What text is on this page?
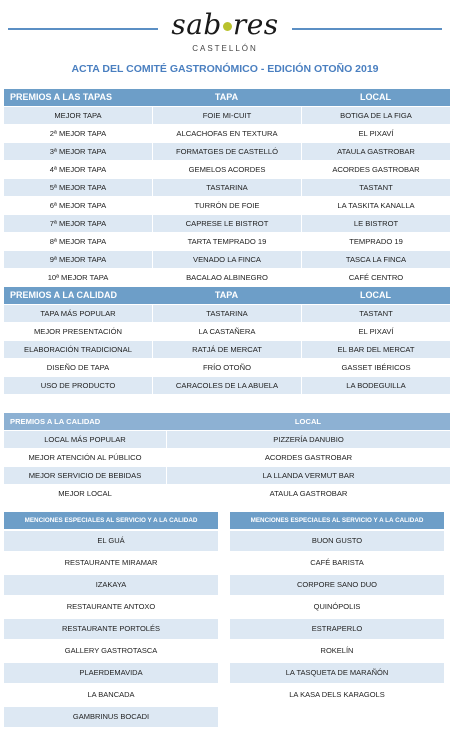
sab res
CASTELLÓN
ACTA DEL COMITÉ GASTRONÓMICO - EDICIÓN OTOÑO 2019
PREMIOS A LAS TAPAS	TAPA	LOCAL
MEJOR TAPA	FOIE MI-CUIT	BOTIGA DE LA FIGA
2ª MEJOR TAPA	ALCACHOFAS EN TEXTURA	EL PIXAVÍ
3ª MEJOR TAPA	FORMATGES DE CASTELLÓ	ATAULA GASTROBAR
4ª MEJOR TAPA	GEMELOS ACORDES	ACORDES GASTROBAR
5ª MEJOR TAPA	TASTARINA	TASTANT
6ª MEJOR TAPA	TURRÓN DE FOIE	LA TASKITA KANALLA
7ª MEJOR TAPA	CAPRESE LE BISTROT	LE BISTROT
8ª MEJOR TAPA	TARTA TEMPRADO 19	TEMPRADO 19
9ª MEJOR TAPA	VENADO LA FINCA	TASCA LA FINCA
10ª MEJOR TAPA	BACALAO ALBINEGRO	CAFÉ CENTRO
PREMIOS A LA CALIDAD	TAPA	LOCAL
TAPA MÁS POPULAR	TASTARINA	TASTANT
MEJOR PRESENTACIÓN	LA CASTAÑERA	EL PIXAVÍ
ELABORACIÓN TRADICIONAL	RATJÁ DE MERCAT	EL BAR DEL MERCAT
DISEÑO DE TAPA	FRÍO OTOÑO	GASSET IBÉRICOS
USO DE PRODUCTO	CARACOLES DE LA ABUELA	LA BODEGUILLA
PREMIOS A LA CALIDAD	LOCAL
LOCAL MÁS POPULAR	PIZZERÍA DANUBIO
MEJOR ATENCIÓN AL PÚBLICO	ACORDES GASTROBAR
MEJOR SERVICIO DE BEBIDAS	LA LLANDA VERMUT BAR
MEJOR LOCAL	ATAULA GASTROBAR
MENCIONES ESPECIALES AL SERVICIO Y A LA CALIDAD
EL GUÁ
RESTAURANTE MIRAMAR
IZAKAYA
RESTAURANTE ANTOXO
RESTAURANTE PORTOLÉS
GALLERY GASTROTASCA
PLAERDEMAVIDA
LA BANCADA
GAMBRINUS BOCADI
MENCIONES ESPECIALES AL SERVICIO Y A LA CALIDAD
BUON GUSTO
CAFÉ BARISTA
CORPORE SANO DUO
QUINÓPOLIS
ESTRAPERLO
ROKELÍN
LA TASQUETA DE MARAÑÓN
LA KASA DELS KARAGOLS
